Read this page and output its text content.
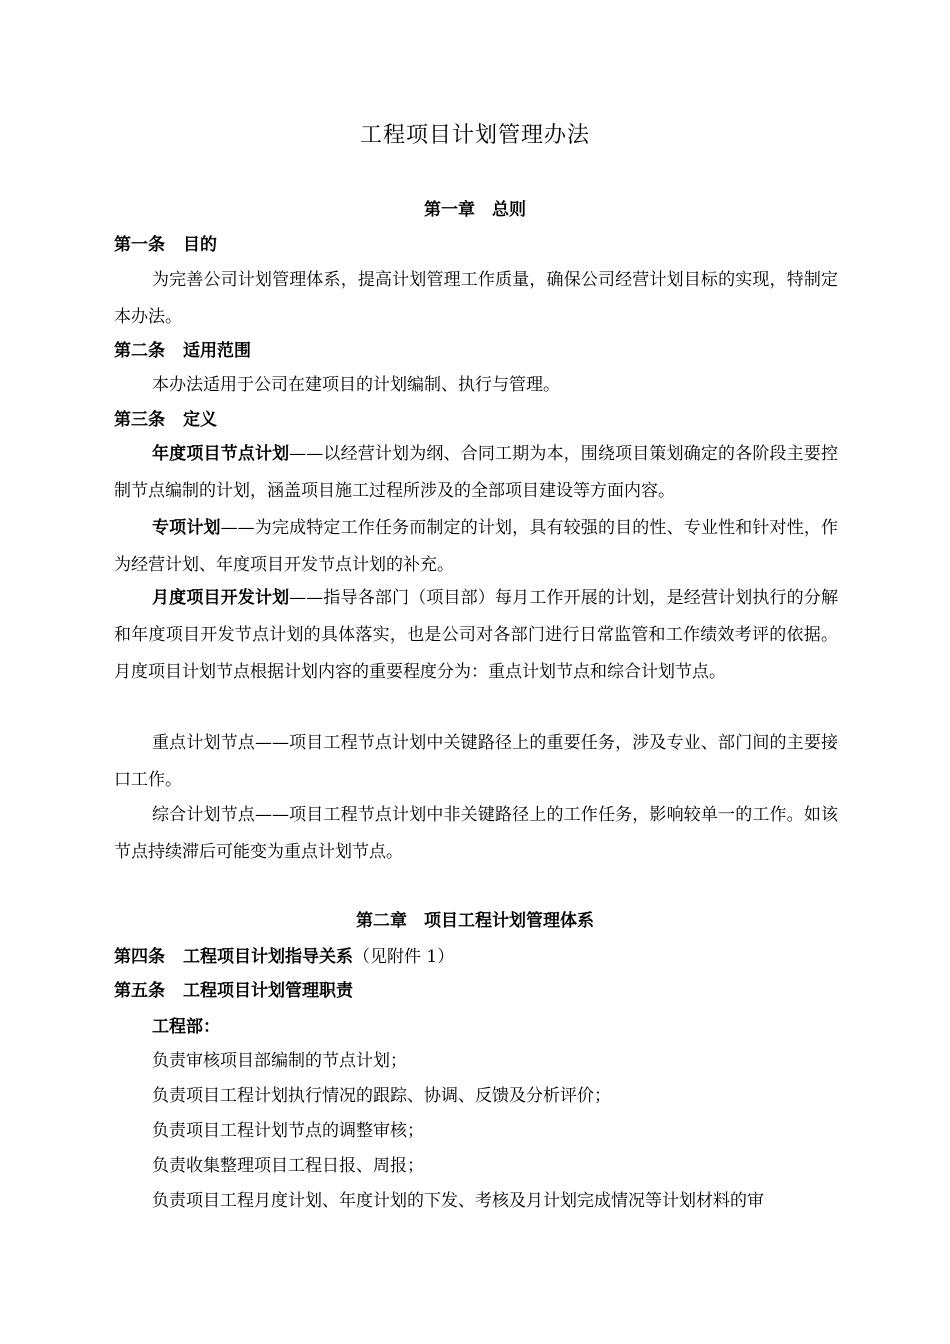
工程项目计划管理办法
第一章　总则
第一条 目的
为完善公司计划管理体系，提高计划管理工作质量，确保公司经营计划目标的实现，特制定本办法。
第二条 适用范围
本办法适用于公司在建项目的计划编制、执行与管理。
第三条 定义
年度项目节点计划——以经营计划为纲、合同工期为本，围绕项目策划确定的各阶段主要控制节点编制的计划，涵盖项目施工过程所涉及的全部项目建设等方面内容。
专项计划——为完成特定工作任务而制定的计划，具有较强的目的性、专业性和针对性，作为经营计划、年度项目开发节点计划的补充。
月度项目开发计划——指导各部门（项目部）每月工作开展的计划，是经营计划执行的分解和年度项目开发节点计划的具体落实，也是公司对各部门进行日常监管和工作绩效考评的依据。月度项目计划节点根据计划内容的重要程度分为：重点计划节点和综合计划节点。
重点计划节点——项目工程节点计划中关键路径上的重要任务，涉及专业、部门间的主要接口工作。
综合计划节点——项目工程节点计划中非关键路径上的工作任务，影响较单一的工作。如该节点持续滞后可能变为重点计划节点。
第二章　项目工程计划管理体系
第四条 工程项目计划指导关系（见附件 1）
第五条 工程项目计划管理职责
工程部：
负责审核项目部编制的节点计划；
负责项目工程计划执行情况的跟踪、协调、反馈及分析评价；
负责项目工程计划节点的调整审核；
负责收集整理项目工程日报、周报；
负责项目工程月度计划、年度计划的下发、考核及月计划完成情况等计划材料的审
